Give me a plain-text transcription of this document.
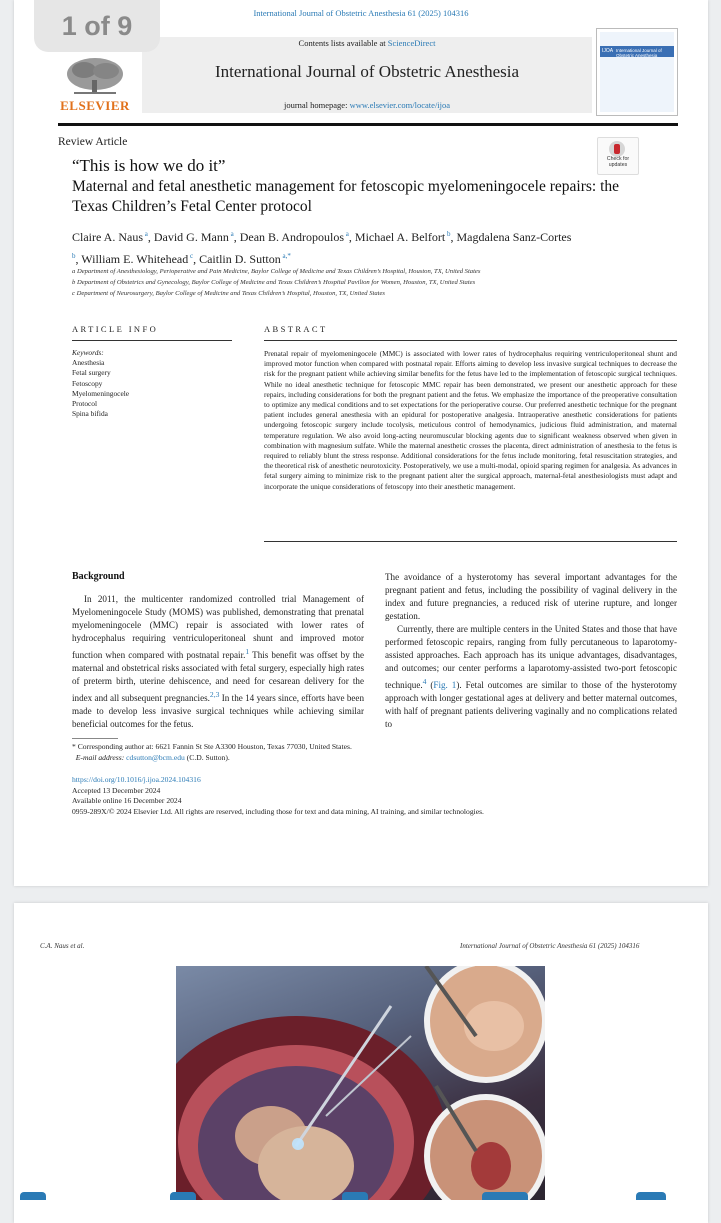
International Journal of Obstetric Anesthesia 61 (2025) 104316
Contents lists available at ScienceDirect
International Journal of Obstetric Anesthesia
journal homepage: www.elsevier.com/locate/ijoa
ELSEVIER
IJOA International Journal of Obstetric Anesthesia
Review Article
Check for updates
“This is how we do it”
Maternal and fetal anesthetic management for fetoscopic myelomeningocele repairs: the Texas Children’s Fetal Center protocol
Claire A. Naus $^a$, David G. Mann $^a$, Dean B. Andropoulos $^a$, Michael A. Belfort $^b$, Magdalena Sanz-Cortes $^b$, William E. Whitehead $^c$, Caitlin D. Sutton $^{a,*}$
a Department of Anesthesiology, Perioperative and Pain Medicine, Baylor College of Medicine and Texas Children’s Hospital, Houston, TX, United States
b Department of Obstetrics and Gynecology, Baylor College of Medicine and Texas Children’s Hospital Pavilion for Women, Houston, TX, United States
c Department of Neurosurgery, Baylor College of Medicine and Texas Children’s Hospital, Houston, TX, United States
ARTICLE INFO	ABSTRACT
Keywords:
Anesthesia
Fetal surgery
Fetoscopy
Myelomeningocele
Protocol
Spina bifida
Prenatal repair of myelomeningocele (MMC) is associated with lower rates of hydrocephalus requiring ventriculoperitoneal shunt and improved motor function when compared with postnatal repair. Efforts aiming to develop less invasive surgical techniques to decrease the risk for the pregnant patient while achieving similar benefits for the fetus have led to the implementation of fetoscopic surgical techniques. While no ideal anesthetic technique for fetoscopic MMC repair has been demonstrated, we present our anesthetic approach for these repairs, including considerations for both the pregnant patient and the fetus. We emphasize the importance of the preoperative consultation to optimize any medical conditions and to set expectations for the perioperative course. Our preferred anesthetic technique for the pregnant patient includes general anesthesia with an epidural for postoperative analgesia. Intraoperative anesthetic considerations for patients undergoing fetoscopic surgery include tocolysis, meticulous control of hemodynamics, judicious fluid administration, and maternal temperature regulation. We also avoid long-acting neuromuscular blocking agents due to significant weakness observed when given in combination with magnesium sulfate. While the maternal anesthetic crosses the placenta, direct administration of anesthesia to the fetus is required to reliably blunt the stress response. Additional considerations for the fetus include monitoring, fetal resuscitation strategies, and the theoretical risk of anesthetic neurotoxicity. Postoperatively, we use a multi-modal, opioid sparing regimen for analgesia. As advances in fetal surgery aiming to minimize risk to the pregnant patient alter the surgical approach, maternal-fetal anesthesiologists must adapt and incorporate the unique considerations of fetoscopy into their anesthetic management.
Background

In 2011, the multicenter randomized controlled trial Management of Myelomeningocele Study (MOMS) was published, demonstrating that prenatal myelomeningocele (MMC) repair is associated with lower rates of hydrocephalus requiring ventriculoperitoneal shunt and improved motor function when compared with postnatal repair.$^1$ This benefit was offset by the maternal and obstetrical risks associated with fetal surgery, especially high rates of preterm birth, uterine dehiscence, and need for cesarean delivery for the index and all subsequent pregnancies.$^{2,3}$ In the 14 years since, efforts have been made to develop less invasive surgical techniques while achieving similar beneficial outcomes for the fetus.

The avoidance of a hysterotomy has several important advantages for the pregnant patient and fetus, including the possibility of vaginal delivery in the index and future pregnancies, a reduced risk of uterine rupture, and longer gestation.

Currently, there are multiple centers in the United States and those that have performed fetoscopic repairs, ranging from fully percutaneous to laparotomy-assisted approaches. Each approach has its unique advantages, disadvantages, and outcomes; our center performs a laparotomy-assisted two-port fetoscopic technique.$^4$ (Fig. 1). Fetal outcomes are similar to those of the hysterotomy approach with longer gestational ages at delivery and better maternal outcomes, with half of pregnant patients delivering vaginally and no complications related to

* Corresponding author at: 6621 Fannin St Ste A3300 Houston, Texas 77030, United States.
E-mail address: cdsutton@bcm.edu (C.D. Sutton).
https://doi.org/10.1016/j.ijoa.2024.104316
Accepted 13 December 2024
Available online 16 December 2024
0959-289X/© 2024 Elsevier Ltd. All rights are reserved, including those for text and data mining, AI training, and similar technologies.
1 of 9
C.A. Naus et al.	International Journal of Obstetric Anesthesia 61 (2025) 104316
